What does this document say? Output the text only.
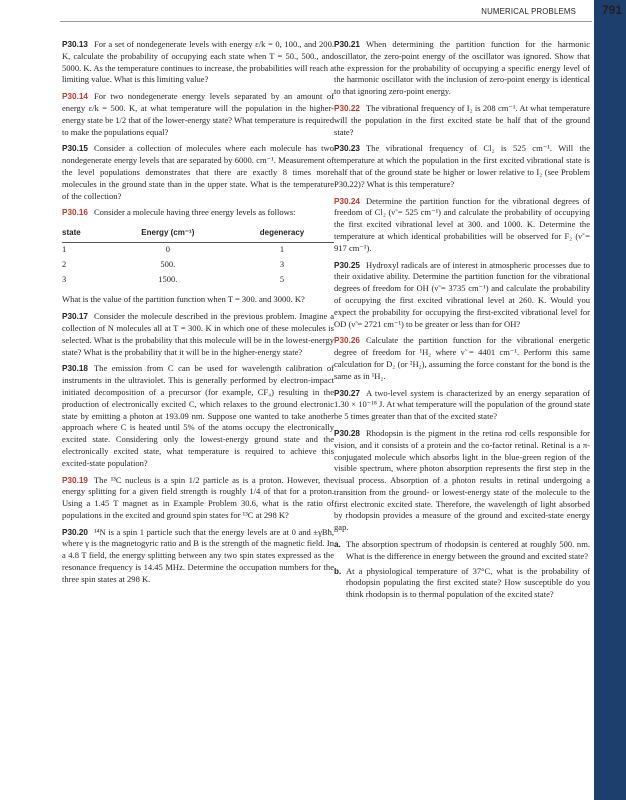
NUMERICAL PROBLEMS 791

P30.13 For a set of nondegenerate levels with energy ε/k = 0, 100., and 200. K, calculate the probability of occupying each state when T = 50., 500., and 5000. K. As the temperature continues to increase, the probabilities will reach a limiting value. What is this limiting value?

P30.14 For two nondegenerate energy levels separated by an amount of energy ε/k = 500. K, at what temperature will the population in the higher-energy state be 1/2 that of the lower-energy state? What temperature is required to make the populations equal?

P30.15 Consider a collection of molecules where each molecule has two nondegenerate energy levels that are separated by 6000. cm⁻¹. Measurement of the level populations demonstrates that there are exactly 8 times more molecules in the ground state than in the upper state. What is the temperature of the collection?

P30.16 Consider a molecule having three energy levels as follows:

state	Energy (cm⁻¹)	degeneracy
1	0	1
2	500.	3
3	1500.	5

What is the value of the partition function when T = 300. and 3000. K?

P30.17 Consider the molecule described in the previous problem. Imagine a collection of N molecules all at T = 300. K in which one of these molecules is selected. What is the probability that this molecule will be in the lowest-energy state? What is the probability that it will be in the higher-energy state?

P30.18 The emission from C can be used for wavelength calibration of instruments in the ultraviolet. This is generally performed by electron-impact initiated decomposition of a precursor (for example, CF₄) resulting in the production of electronically excited C, which relaxes to the ground electronic state by emitting a photon at 193.09 nm. Suppose one wanted to take another approach where C is heated until 5% of the atoms occupy the electronically excited state. Considering only the lowest-energy ground state and the electronically excited state, what temperature is required to achieve this excited-state population?

P30.19 The ¹³C nucleus is a spin 1/2 particle as is a proton. However, the energy splitting for a given field strength is roughly 1/4 of that for a proton. Using a 1.45 T magnet as in Example Problem 30.6, what is the ratio of populations in the excited and ground spin states for ¹³C at 298 K?

P30.20 ¹⁴N is a spin 1 particle such that the energy levels are at 0 and ±γBħ, where γ is the magnetogyric ratio and B is the strength of the magnetic field. In a 4.8 T field, the energy splitting between any two spin states expressed as the resonance frequency is 14.45 MHz. Determine the occupation numbers for the three spin states at 298 K.

P30.21 When determining the partition function for the harmonic oscillator, the zero-point energy of the oscillator was ignored. Show that the expression for the probability of occupying a specific energy level of the harmonic oscillator with the inclusion of zero-point energy is identical to that ignoring zero-point energy.

P30.22 The vibrational frequency of I₂ is 208 cm⁻¹. At what temperature will the population in the first excited state be half that of the ground state?

P30.23 The vibrational frequency of Cl₂ is 525 cm⁻¹. Will the temperature at which the population in the first excited vibrational state is half that of the ground state be higher or lower relative to I₂ (see Problem P30.22)? What is this temperature?

P30.24 Determine the partition function for the vibrational degrees of freedom of Cl₂ (ν̃ = 525 cm⁻¹) and calculate the probability of occupying the first excited vibrational level at 300. and 1000. K. Determine the temperature at which identical probabilities will be observed for F₂ (ν̃ = 917 cm⁻¹).

P30.25 Hydroxyl radicals are of interest in atmospheric processes due to their oxidative ability. Determine the partition function for the vibrational degrees of freedom for OH (ν̃ = 3735 cm⁻¹) and calculate the probability of occupying the first excited vibrational level at 260. K. Would you expect the probability for occupying the first-excited vibrational level for OD (ν̃ = 2721 cm⁻¹) to be greater or less than for OH?

P30.26 Calculate the partition function for the vibrational energetic degree of freedom for ¹H₂ where ν̃ = 4401 cm⁻¹. Perform this same calculation for D₂ (or ²H₂), assuming the force constant for the bond is the same as in ¹H₂.

P30.27 A two-level system is characterized by an energy separation of 1.30 × 10⁻¹⁸ J. At what temperature will the population of the ground state be 5 times greater than that of the excited state?

P30.28 Rhodopsin is the pigment in the retina rod cells responsible for vision, and it consists of a protein and the co-factor retinal. Retinal is a π-conjugated molecule which absorbs light in the blue-green region of the visible spectrum, where photon absorption represents the first step in the visual process. Absorption of a photon results in retinal undergoing a transition from the ground- or lowest-energy state of the molecule to the first electronic excited state. Therefore, the wavelength of light absorbed by rhodopsin provides a measure of the ground and excited-state energy gap.

a. The absorption spectrum of rhodopsin is centered at roughly 500. nm. What is the difference in energy between the ground and excited state?
b. At a physiological temperature of 37°C, what is the probability of rhodopsin populating the first excited state? How susceptible do you think rhodopsin is to thermal population of the excited state?
